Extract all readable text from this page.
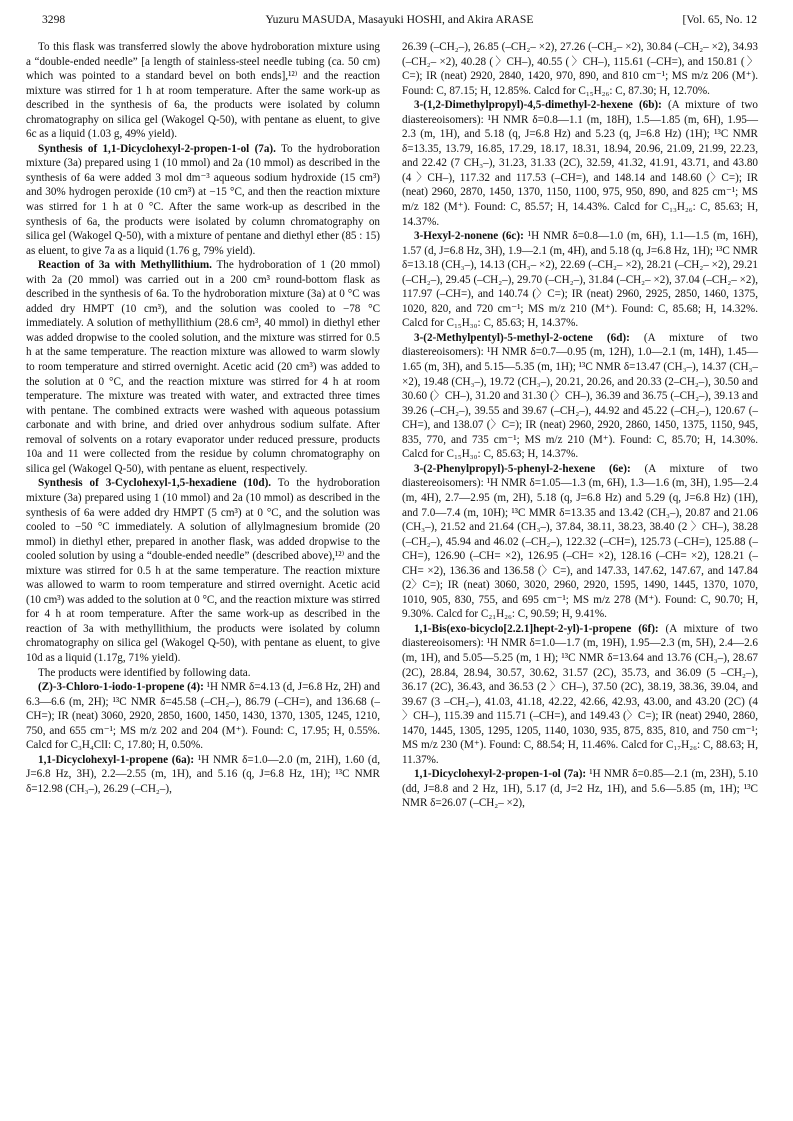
3298	Yuzuru MASUDA, Masayuki HOSHI, and Akira ARASE	[Vol. 65, No. 12

To this flask was transferred slowly the above hydroboration mixture using a “double-ended needle” [a length of stainless-steel needle tubing (ca. 50 cm) which was pointed to a standard bevel on both ends],¹²⁾ and the reaction mixture was stirred for 1 h at room temperature. After the same work-up as described in the synthesis of 6a, the products were isolated by column chromatography on silica gel (Wakogel Q-50), with pentane as eluent, to give 6c as a liquid (1.03 g, 49% yield).

Synthesis of 1,1-Dicyclohexyl-2-propen-1-ol (7a). To the hydroboration mixture (3a) prepared using 1 (10 mmol) and 2a (10 mmol) as described in the synthesis of 6a were added 3 mol dm⁻³ aqueous sodium hydroxide (15 cm³) and 30% hydrogen peroxide (10 cm³) at −15 °C, and then the reaction mixture was stirred for 1 h at 0 °C. After the same work-up as described in the synthesis of 6a, the products were isolated by column chromatography on silica gel (Wakogel Q-50), with a mixture of pentane and diethyl ether (85 : 15) as eluent, to give 7a as a liquid (1.76 g, 79% yield).

Reaction of 3a with Methyllithium. The hydroboration of 1 (20 mmol) with 2a (20 mmol) was carried out in a 200 cm³ round-bottom flask as described in the synthesis of 6a. To the hydroboration mixture (3a) at 0 °C was added dry HMPT (10 cm³), and the solution was cooled to −78 °C immediately. A solution of methyllithium (28.6 cm³, 40 mmol) in diethyl ether was added dropwise to the cooled solution, and the mixture was stirred for 0.5 h at the same temperature. The reaction mixture was allowed to warm slowly to room temperature and stirred overnight. Acetic acid (20 cm³) was added to the solution at 0 °C, and the reaction mixture was stirred for 4 h at room temperature. The mixture was treated with water, and extracted three times with pentane. The combined extracts were washed with aqueous potassium carbonate and with brine, and dried over anhydrous sodium sulfate. After removal of solvents on a rotary evaporator under reduced pressure, products 10a and 11 were collected from the residue by column chromatography on silica gel (Wakogel Q-50), with pentane as eluent, respectively.

Synthesis of 3-Cyclohexyl-1,5-hexadiene (10d). To the hydroboration mixture (3a) prepared using 1 (10 mmol) and 2a (10 mmol) as described in the synthesis of 6a were added dry HMPT (5 cm³) at 0 °C, and the solution was cooled to −50 °C immediately. A solution of allylmagnesium bromide (20 mmol) in diethyl ether, prepared in another flask, was added dropwise to the cooled solution by using a “double-ended needle” (described above),¹²⁾ and the mixture was stirred for 0.5 h at the same temperature. The reaction mixture was allowed to warm to room temperature and stirred overnight. Acetic acid (10 cm³) was added to the solution at 0 °C, and the reaction mixture was stirred for 4 h at room temperature. After the same work-up as described in the reaction of 3a with methyllithium, the products were isolated by column chromatography on silica gel (Wakogel Q-50), with pentane as eluent, to give 10d as a liquid (1.17g, 71% yield).

The products were identified by following data.

(Z)-3-Chloro-1-iodo-1-propene (4): ¹H NMR δ=4.13 (d, J=6.8 Hz, 2H) and 6.3—6.6 (m, 2H); ¹³C NMR δ=45.58 (–CH₂–), 86.79 (–CH=), and 136.68 (–CH=); IR (neat) 3060, 2920, 2850, 1600, 1450, 1430, 1370, 1305, 1245, 1210, 750, and 655 cm⁻¹; MS m/z 202 and 204 (M⁺). Found: C, 17.95; H, 0.55%. Calcd for C₃H₄ClI: C, 17.80; H, 0.50%.

1,1-Dicyclohexyl-1-propene (6a): ¹H NMR δ=1.0—2.0 (m, 21H), 1.60 (d, J=6.8 Hz, 3H), 2.2—2.55 (m, 1H), and 5.16 (q, J=6.8 Hz, 1H); ¹³C NMR δ=12.98 (CH₃–), 26.29 (–CH₂–),

26.39 (–CH₂–), 26.85 (–CH₂– ×2), 27.26 (–CH₂– ×2), 30.84 (–CH₂– ×2), 34.93 (–CH₂– ×2), 40.28 ( 〉CH–), 40.55 ( 〉CH–), 115.61 (–CH=), and 150.81 ( 〉C=); IR (neat) 2920, 2840, 1420, 970, 890, and 810 cm⁻¹; MS m/z 206 (M⁺). Found: C, 87.15; H, 12.85%. Calcd for C₁₅H₂₆: C, 87.30; H, 12.70%.

3-(1,2-Dimethylpropyl)-4,5-dimethyl-2-hexene (6b): (A mixture of two diastereoisomers): ¹H NMR δ=0.8—1.1 (m, 18H), 1.5—1.85 (m, 6H), 1.95—2.3 (m, 1H), and 5.18 (q, J=6.8 Hz) and 5.23 (q, J=6.8 Hz) (1H); ¹³C NMR δ=13.35, 13.79, 16.85, 17.29, 18.17, 18.31, 18.94, 20.96, 21.09, 21.99, 22.23, and 22.42 (7 CH₃–), 31.23, 31.33 (2C), 32.59, 41.32, 41.91, 43.71, and 43.80 (4 〉CH–), 117.32 and 117.53 (–CH=), and 148.14 and 148.60 (〉C=); IR (neat) 2960, 2870, 1450, 1370, 1150, 1100, 975, 950, 890, and 825 cm⁻¹; MS m/z 182 (M⁺). Found: C, 85.57; H, 14.43%. Calcd for C₁₃H₂₆: C, 85.63; H, 14.37%.

3-Hexyl-2-nonene (6c): ¹H NMR δ=0.8—1.0 (m, 6H), 1.1—1.5 (m, 16H), 1.57 (d, J=6.8 Hz, 3H), 1.9—2.1 (m, 4H), and 5.18 (q, J=6.8 Hz, 1H); ¹³C NMR δ=13.18 (CH₃–), 14.13 (CH₃– ×2), 22.69 (–CH₂– ×2), 28.21 (–CH₂– ×2), 29.21 (–CH₂–), 29.45 (–CH₂–), 29.70 (–CH₂–), 31.84 (–CH₂– ×2), 37.04 (–CH₂– ×2), 117.97 (–CH=), and 140.74 (〉C=); IR (neat) 2960, 2925, 2850, 1460, 1375, 1020, 820, and 720 cm⁻¹; MS m/z 210 (M⁺). Found: C, 85.68; H, 14.32%. Calcd for C₁₅H₃₀: C, 85.63; H, 14.37%.

3-(2-Methylpentyl)-5-methyl-2-octene (6d): (A mixture of two diastereoisomers): ¹H NMR δ=0.7—0.95 (m, 12H), 1.0—2.1 (m, 14H), 1.45—1.65 (m, 3H), and 5.15—5.35 (m, 1H); ¹³C NMR δ=13.47 (CH₃–), 14.37 (CH₃– ×2), 19.48 (CH₃–), 19.72 (CH₃–), 20.21, 20.26, and 20.33 (2–CH₂–), 30.50 and 30.60 (〉CH–), 31.20 and 31.30 (〉CH–), 36.39 and 36.75 (–CH₂–), 39.13 and 39.26 (–CH₂–), 39.55 and 39.67 (–CH₂–), 44.92 and 45.22 (–CH₂–), 120.67 (–CH=), and 138.07 (〉C=); IR (neat) 2960, 2920, 2860, 1450, 1375, 1150, 945, 835, 770, and 735 cm⁻¹; MS m/z 210 (M⁺). Found: C, 85.70; H, 14.30%. Calcd for C₁₅H₃₀: C, 85.63; H, 14.37%.

3-(2-Phenylpropyl)-5-phenyl-2-hexene (6e): (A mixture of two diastereoisomers): ¹H NMR δ=1.05—1.3 (m, 6H), 1.3—1.6 (m, 3H), 1.95—2.4 (m, 4H), 2.7—2.95 (m, 2H), 5.18 (q, J=6.8 Hz) and 5.29 (q, J=6.8 Hz) (1H), and 7.0—7.4 (m, 10H); ¹³C MMR δ=13.35 and 13.42 (CH₃–), 20.87 and 21.06 (CH₃–), 21.52 and 21.64 (CH₃–), 37.84, 38.11, 38.23, 38.40 (2 〉CH–), 38.28 (–CH₂–), 45.94 and 46.02 (–CH₂–), 122.32 (–CH=), 125.73 (–CH=), 125.88 (–CH=), 126.90 (–CH= ×2), 126.95 (–CH= ×2), 128.16 (–CH= ×2), 128.21 (–CH= ×2), 136.36 and 136.58 (〉C=), and 147.33, 147.62, 147.67, and 147.84 (2〉C=); IR (neat) 3060, 3020, 2960, 2920, 1595, 1490, 1445, 1370, 1070, 1010, 905, 830, 755, and 695 cm⁻¹; MS m/z 278 (M⁺). Found: C, 90.70; H, 9.30%. Calcd for C₂₁H₂₆: C, 90.59; H, 9.41%.

1,1-Bis(exo-bicyclo[2.2.1]hept-2-yl)-1-propene (6f): (A mixture of two diastereoisomers): ¹H NMR δ=1.0—1.7 (m, 19H), 1.95—2.3 (m, 5H), 2.4—2.6 (m, 1H), and 5.05—5.25 (m, 1 H); ¹³C NMR δ=13.64 and 13.76 (CH₃–), 28.67 (2C), 28.84, 28.94, 30.57, 30.62, 31.57 (2C), 35.73, and 36.09 (5 –CH₂–), 36.17 (2C), 36.43, and 36.53 (2 〉CH–), 37.50 (2C), 38.19, 38.36, 39.04, and 39.67 (3 –CH₂–), 41.03, 41.18, 42.22, 42.66, 42.93, 43.00, and 43.20 (2C) (4 〉CH–), 115.39 and 115.71 (–CH=), and 149.43 (〉C=); IR (neat) 2940, 2860, 1470, 1445, 1305, 1295, 1205, 1140, 1030, 935, 875, 835, 810, and 750 cm⁻¹; MS m/z 230 (M⁺). Found: C, 88.54; H, 11.46%. Calcd for C₁₇H₂₆: C, 88.63; H, 11.37%.

1,1-Dicyclohexyl-2-propen-1-ol (7a): ¹H NMR δ=0.85—2.1 (m, 23H), 5.10 (dd, J=8.8 and 2 Hz, 1H), 5.17 (d, J=2 Hz, 1H), and 5.6—5.85 (m, 1H); ¹³C NMR δ=26.07 (–CH₂– ×2),
